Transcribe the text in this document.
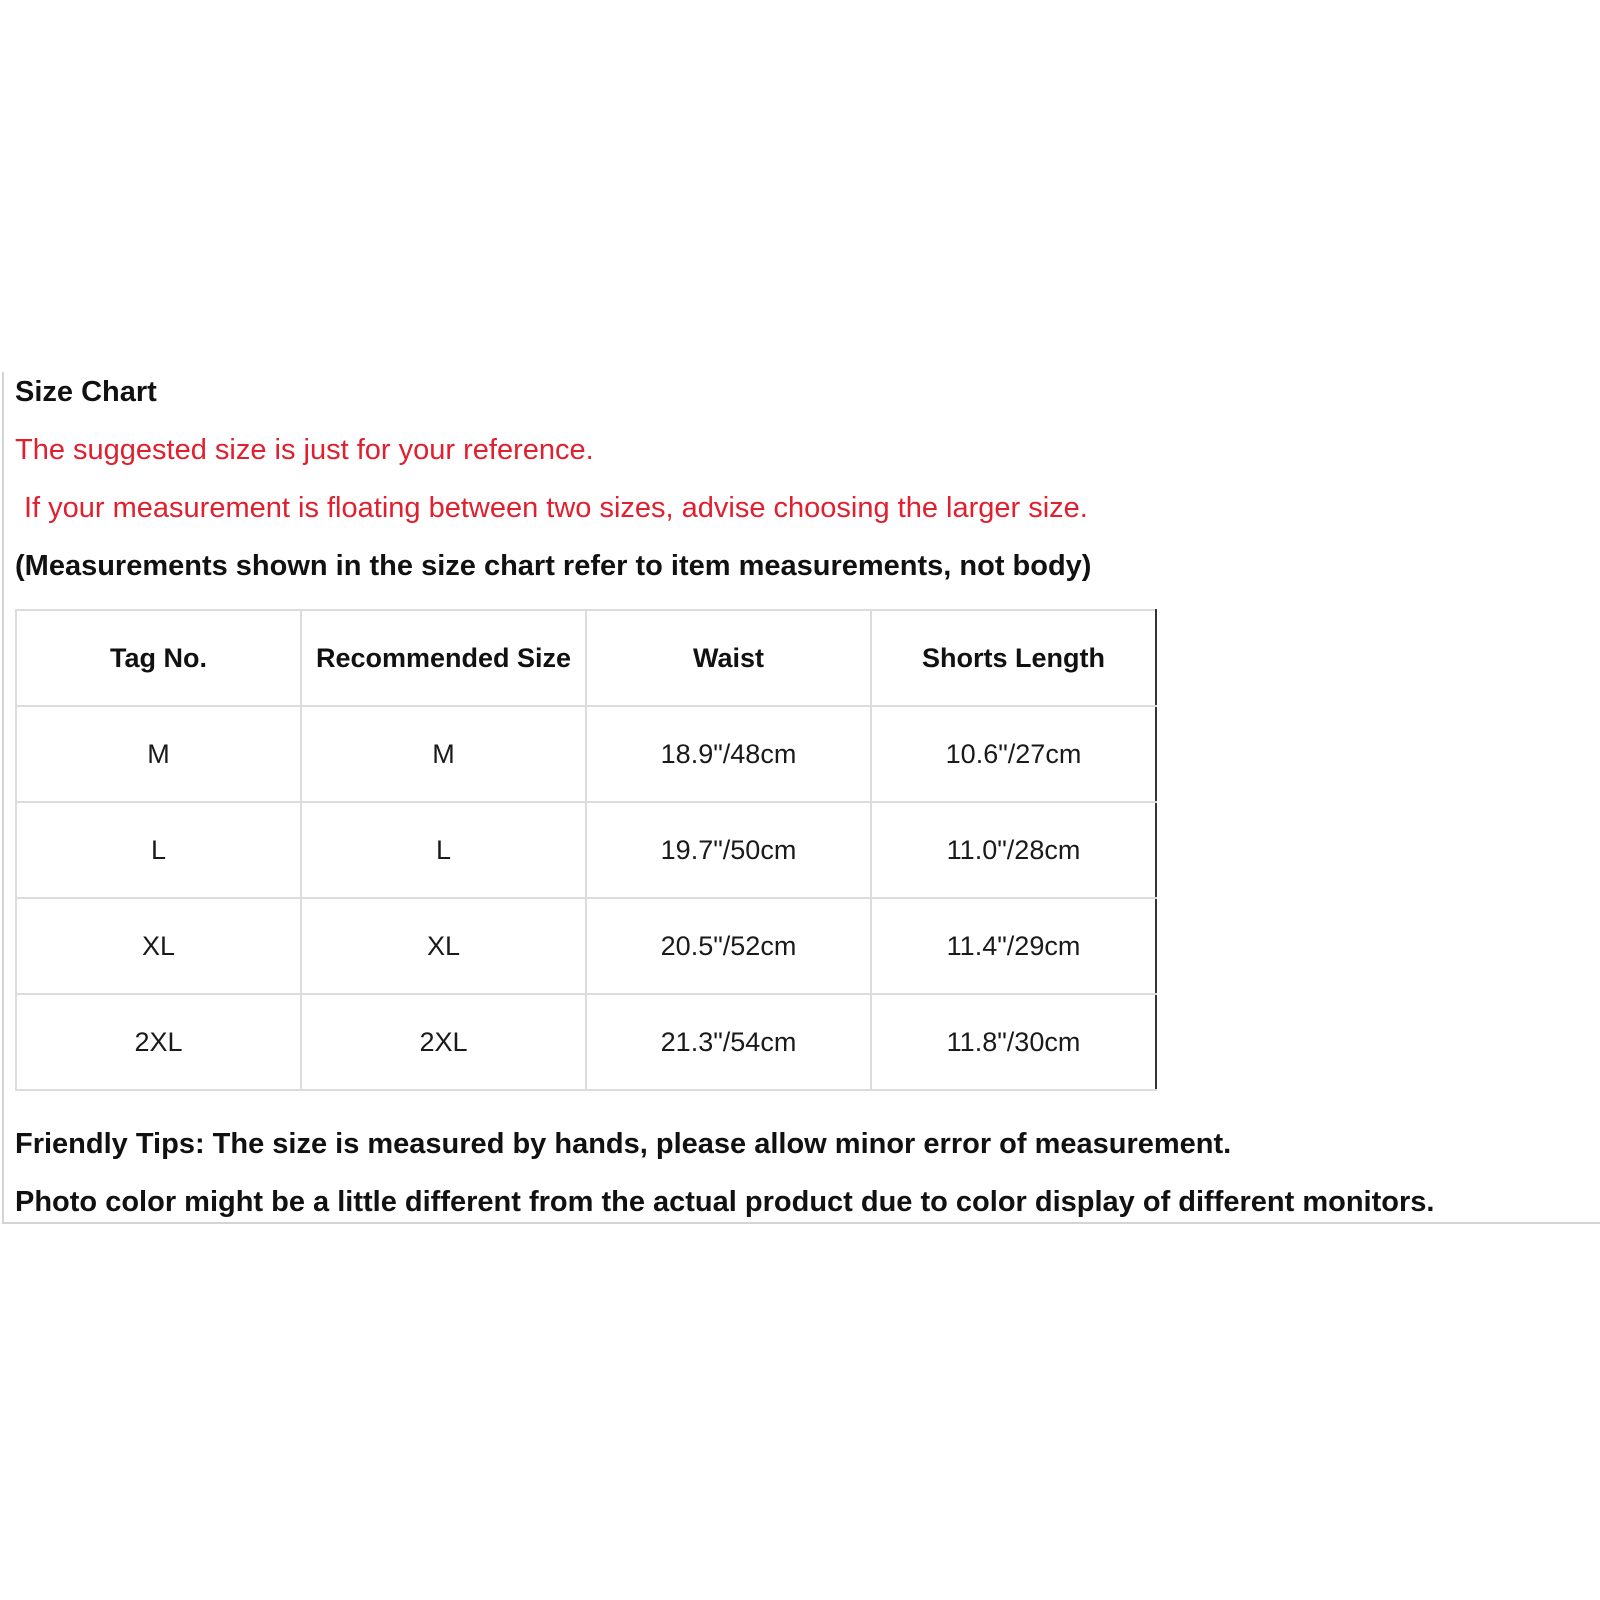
Size Chart
The suggested size is just for your reference.
If your measurement is floating between two sizes, advise choosing the larger size.
(Measurements shown in the size chart refer to item measurements, not body)
Tag No.	Recommended Size	Waist	Shorts Length
M	M	18.9"/48cm	10.6"/27cm
L	L	19.7"/50cm	11.0"/28cm
XL	XL	20.5"/52cm	11.4"/29cm
2XL	2XL	21.3"/54cm	11.8"/30cm
Friendly Tips: The size is measured by hands, please allow minor error of measurement.
Photo color might be a little different from the actual product due to color display of different monitors.
